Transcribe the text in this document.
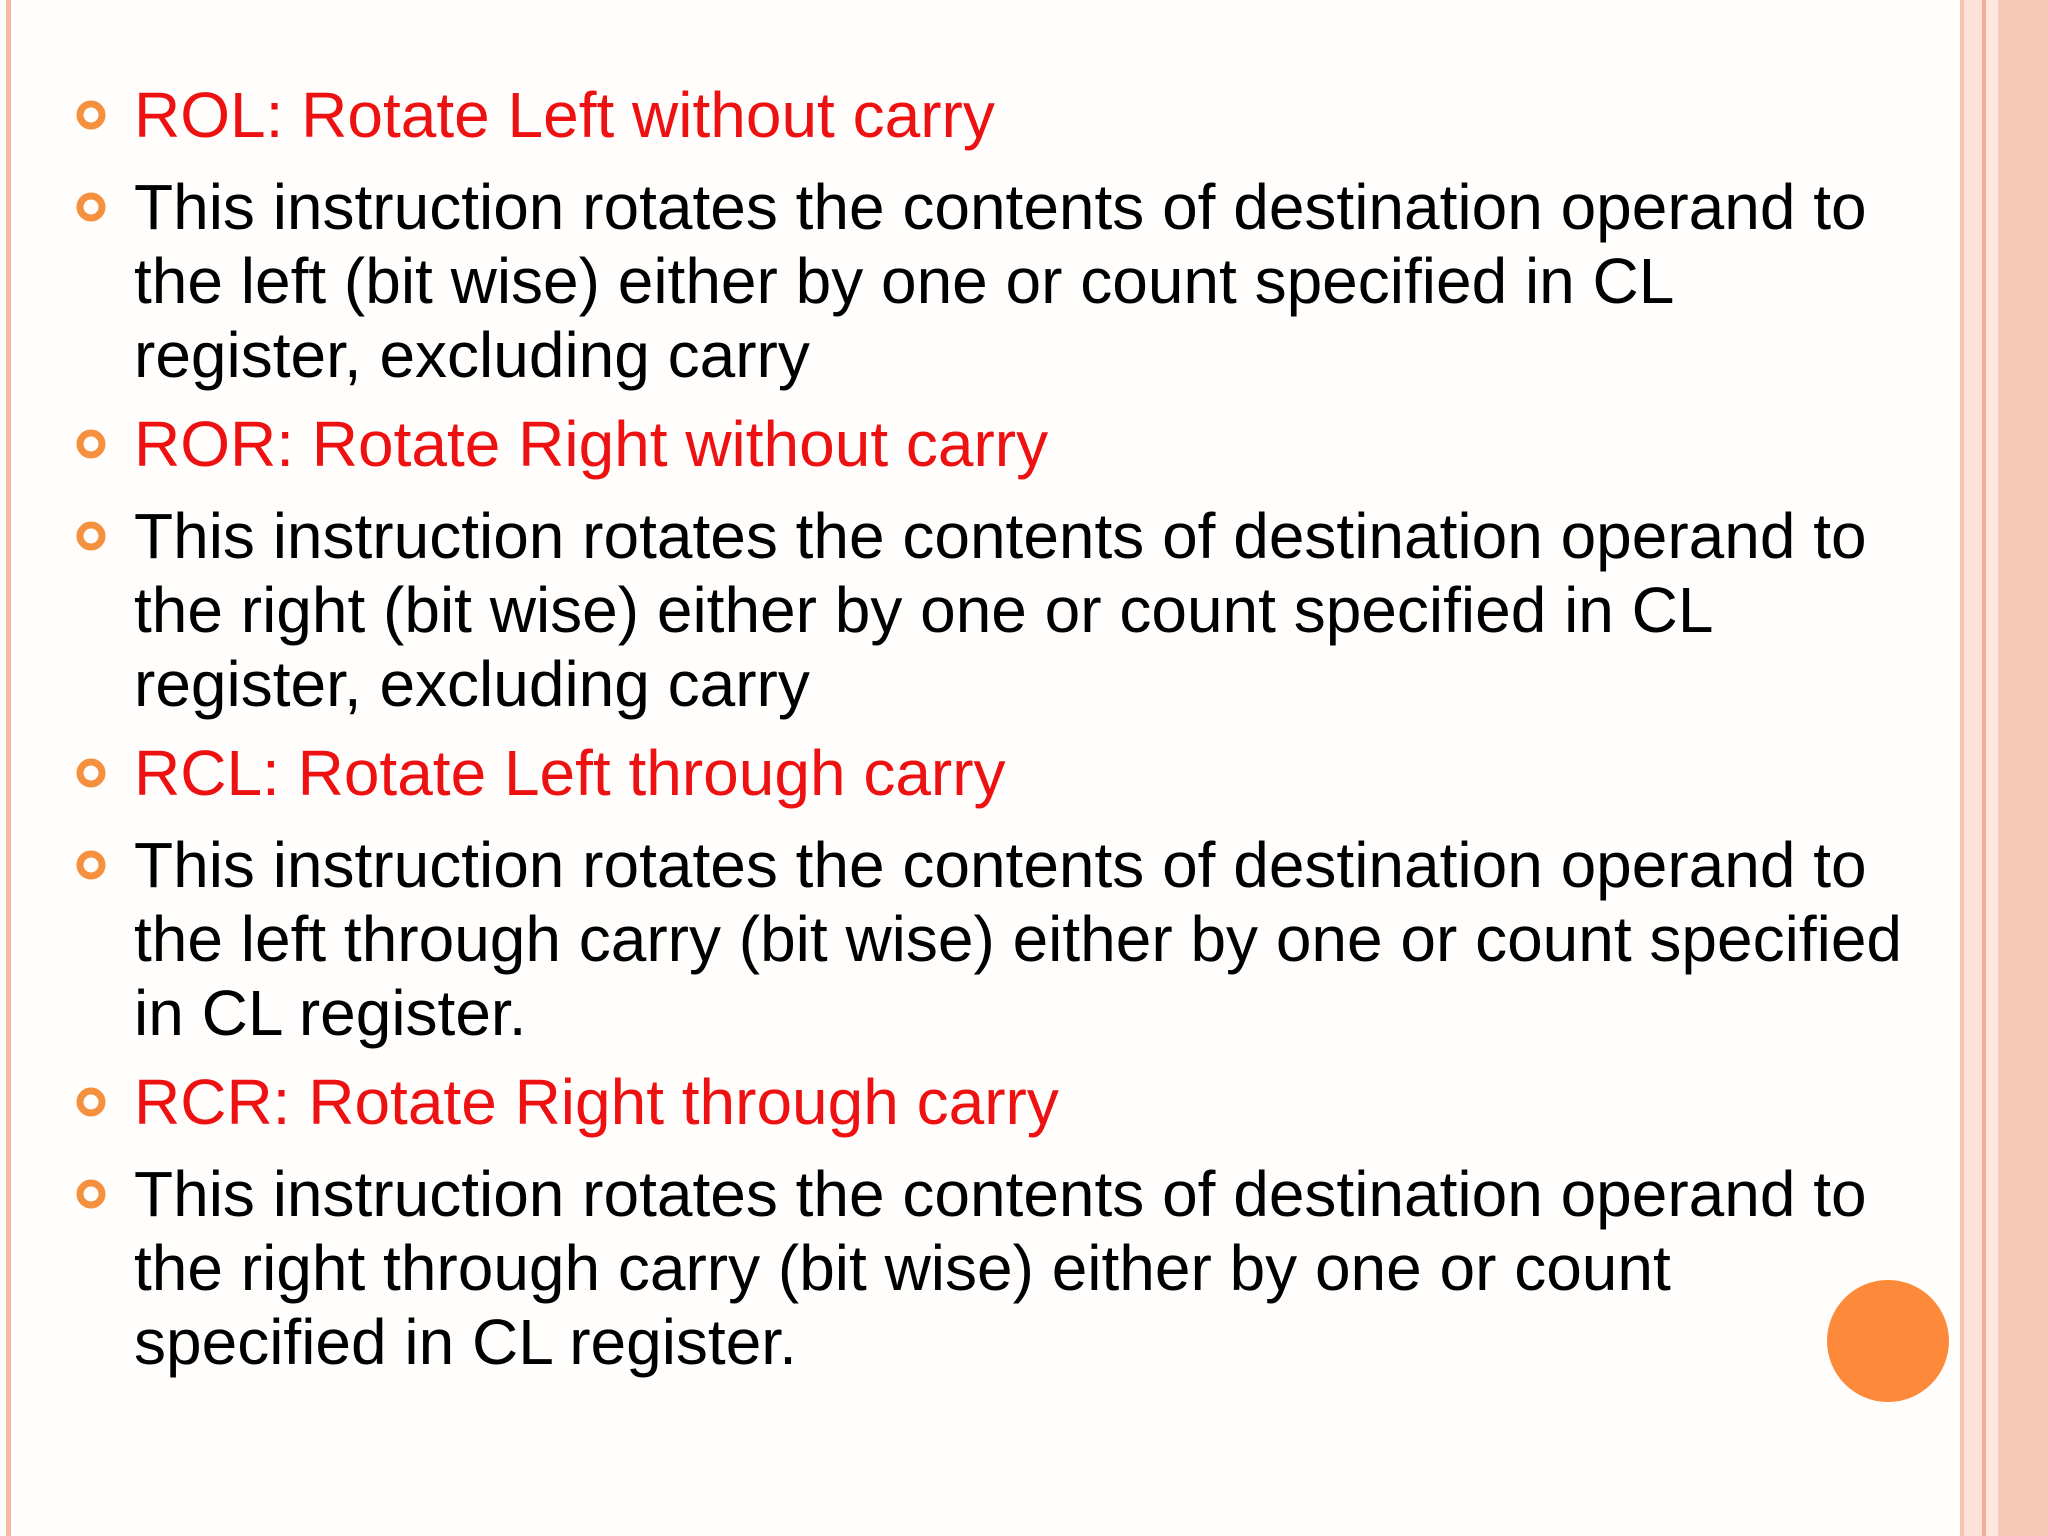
ROL: Rotate Left without carry
This instruction rotates the contents of destination operand to
the left (bit wise) either by one or count specified in CL
register, excluding carry
ROR: Rotate Right without carry
This instruction rotates the contents of destination operand to
the right (bit wise) either by one or count specified in CL
register, excluding carry
RCL: Rotate Left through carry
This instruction rotates the contents of destination operand to
the left through carry (bit wise) either by one or count specified
in CL register.
RCR: Rotate Right through carry
This instruction rotates the contents of destination operand to
the right through carry (bit wise) either by one or count
specified in CL register.
